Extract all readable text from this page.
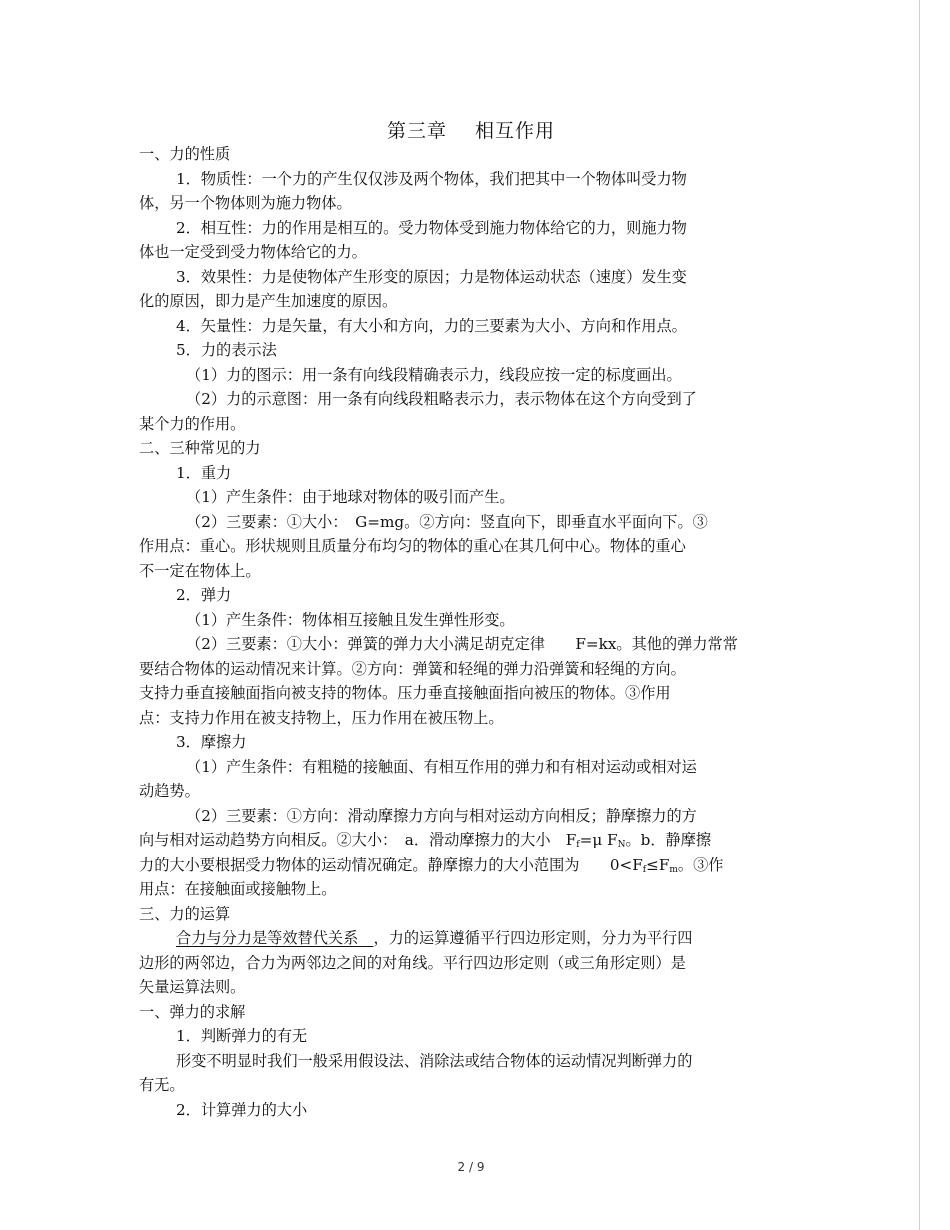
第三章 相互作用
一、力的性质
1．物质性：一个力的产生仅仅涉及两个物体，我们把其中一个物体叫受力物
体，另一个物体则为施力物体。
2．相互性：力的作用是相互的。受力物体受到施力物体给它的力，则施力物
体也一定受到受力物体给它的力。
3．效果性：力是使物体产生形变的原因；力是物体运动状态（速度）发生变
化的原因，即力是产生加速度的原因。
4．矢量性：力是矢量，有大小和方向，力的三要素为大小、方向和作用点。
5．力的表示法
（1）力的图示：用一条有向线段精确表示力，线段应按一定的标度画出。
（2）力的示意图：用一条有向线段粗略表示力，表示物体在这个方向受到了
某个力的作用。
二、三种常见的力
1．重力
（1）产生条件：由于地球对物体的吸引而产生。
（2）三要素：①大小：　G=mg。②方向：竖直向下，即垂直水平面向下。③
作用点：重心。形状规则且质量分布均匀的物体的重心在其几何中心。物体的重心
不一定在物体上。
2．弹力
（1）产生条件：物体相互接触且发生弹性形变。
（2）三要素：①大小：弹簧的弹力大小满足胡克定律　　F=kx。其他的弹力常常
要结合物体的运动情况来计算。②方向：弹簧和轻绳的弹力沿弹簧和轻绳的方向。
支持力垂直接触面指向被支持的物体。压力垂直接触面指向被压的物体。③作用
点：支持力作用在被支持物上，压力作用在被压物上。
3．摩擦力
（1）产生条件：有粗糙的接触面、有相互作用的弹力和有相对运动或相对运
动趋势。
（2）三要素：①方向：滑动摩擦力方向与相对运动方向相反；静摩擦力的方
向与相对运动趋势方向相反。②大小：　a．滑动摩擦力的大小　$F_f=\mu$ $F_N$。b．静摩擦
力的大小要根据受力物体的运动情况确定。静摩擦力的大小范围为　　$0<F_f\le F_m$。③作
用点：在接触面或接触物上。
三、力的运算
合力与分力是等效替代关系　，力的运算遵循平行四边形定则，分力为平行四
边形的两邻边，合力为两邻边之间的对角线。平行四边形定则（或三角形定则）是
矢量运算法则。
一、弹力的求解
1．判断弹力的有无
形变不明显时我们一般采用假设法、消除法或结合物体的运动情况判断弹力的
有无。
2．计算弹力的大小
2 / 9
